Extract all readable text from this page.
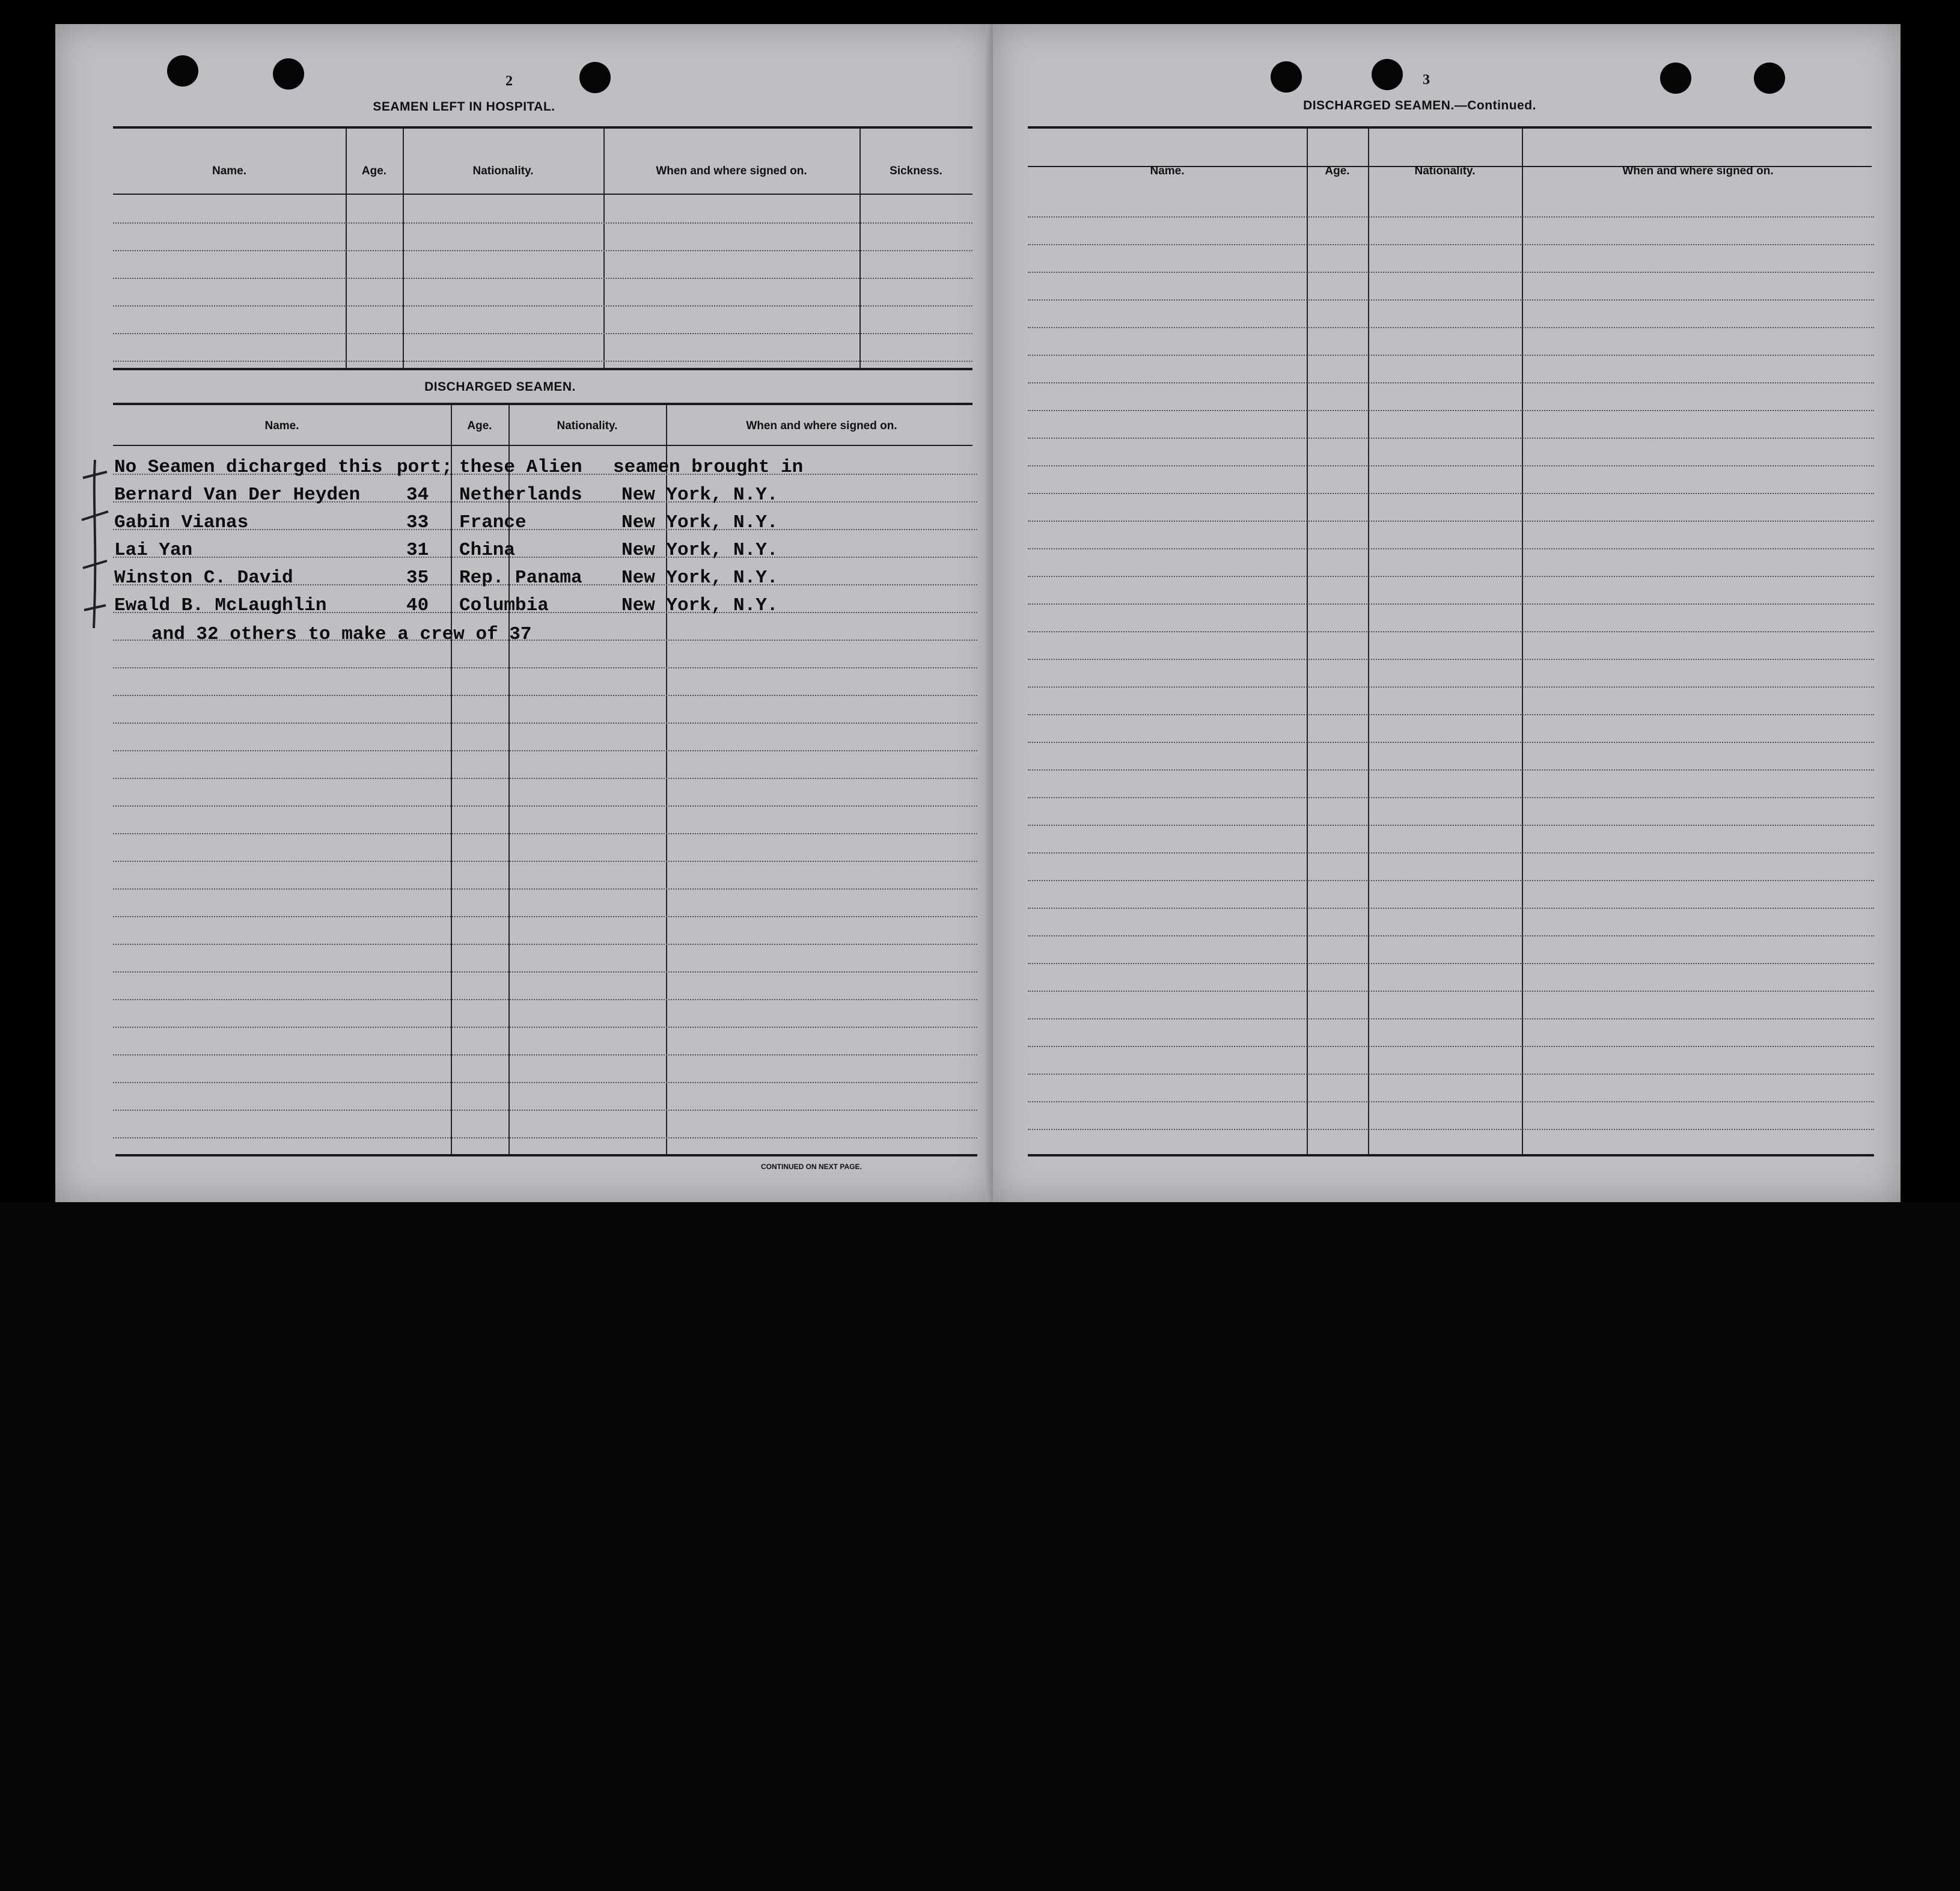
2
SEAMEN LEFT IN HOSPITAL.
Name.	Age.	Nationality.	When and where signed on.	Sickness.
DISCHARGED SEAMEN.
Name.	Age.	Nationality.	When and where signed on.
No Seamen dicharged this port; these Alien seamen brought in
Bernard Van Der Heyden 34 Netherlands New York, N.Y.
Gabin Vianas	33 France	New York, N.Y.
Lai Yan	31 China	New York, N.Y.
Winston C. David	35 Rep. Panama New York, N.Y.
Ewald B. McLaughlin	40 Columbia	New York, N.Y.
and 32 others to make a crew of 37
CONTINUED ON NEXT PAGE.
3
DISCHARGED SEAMEN.—Continued.
Name.	Age.	Nationality.	When and where signed on.
